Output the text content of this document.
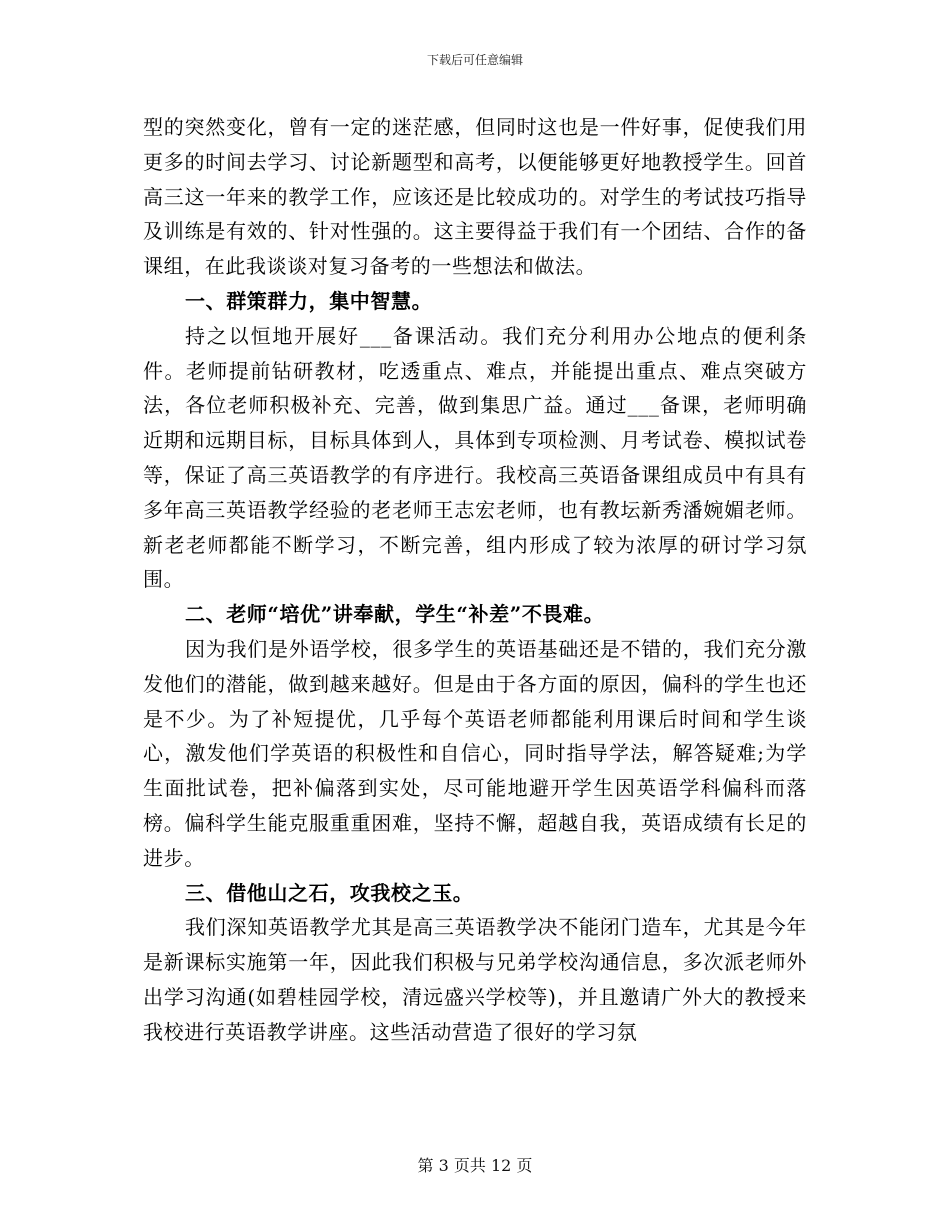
下载后可任意编辑

型的突然变化，曾有一定的迷茫感，但同时这也是一件好事，促使我们用更多的时间去学习、讨论新题型和高考，以便能够更好地教授学生。回首高三这一年来的教学工作，应该还是比较成功的。对学生的考试技巧指导及训练是有效的、针对性强的。这主要得益于我们有一个团结、合作的备课组，在此我谈谈对复习备考的一些想法和做法。

一、群策群力，集中智慧。

持之以恒地开展好___备课活动。我们充分利用办公地点的便利条件。老师提前钻研教材，吃透重点、难点，并能提出重点、难点突破方法，各位老师积极补充、完善，做到集思广益。通过___备课，老师明确近期和远期目标，目标具体到人，具体到专项检测、月考试卷、模拟试卷等，保证了高三英语教学的有序进行。我校高三英语备课组成员中有具有多年高三英语教学经验的老老师王志宏老师，也有教坛新秀潘婉媚老师。新老老师都能不断学习，不断完善，组内形成了较为浓厚的研讨学习氛围。

二、老师“培优”讲奉献，学生“补差”不畏难。

因为我们是外语学校，很多学生的英语基础还是不错的，我们充分激发他们的潜能，做到越来越好。但是由于各方面的原因，偏科的学生也还是不少。为了补短提优，几乎每个英语老师都能利用课后时间和学生谈心，激发他们学英语的积极性和自信心，同时指导学法，解答疑难;为学生面批试卷，把补偏落到实处，尽可能地避开学生因英语学科偏科而落榜。偏科学生能克服重重困难，坚持不懈，超越自我，英语成绩有长足的进步。

三、借他山之石，攻我校之玉。

我们深知英语教学尤其是高三英语教学决不能闭门造车，尤其是今年是新课标实施第一年，因此我们积极与兄弟学校沟通信息，多次派老师外出学习沟通(如碧桂园学校，清远盛兴学校等)，并且邀请广外大的教授来我校进行英语教学讲座。这些活动营造了很好的学习氛

第 3 页共 12 页
